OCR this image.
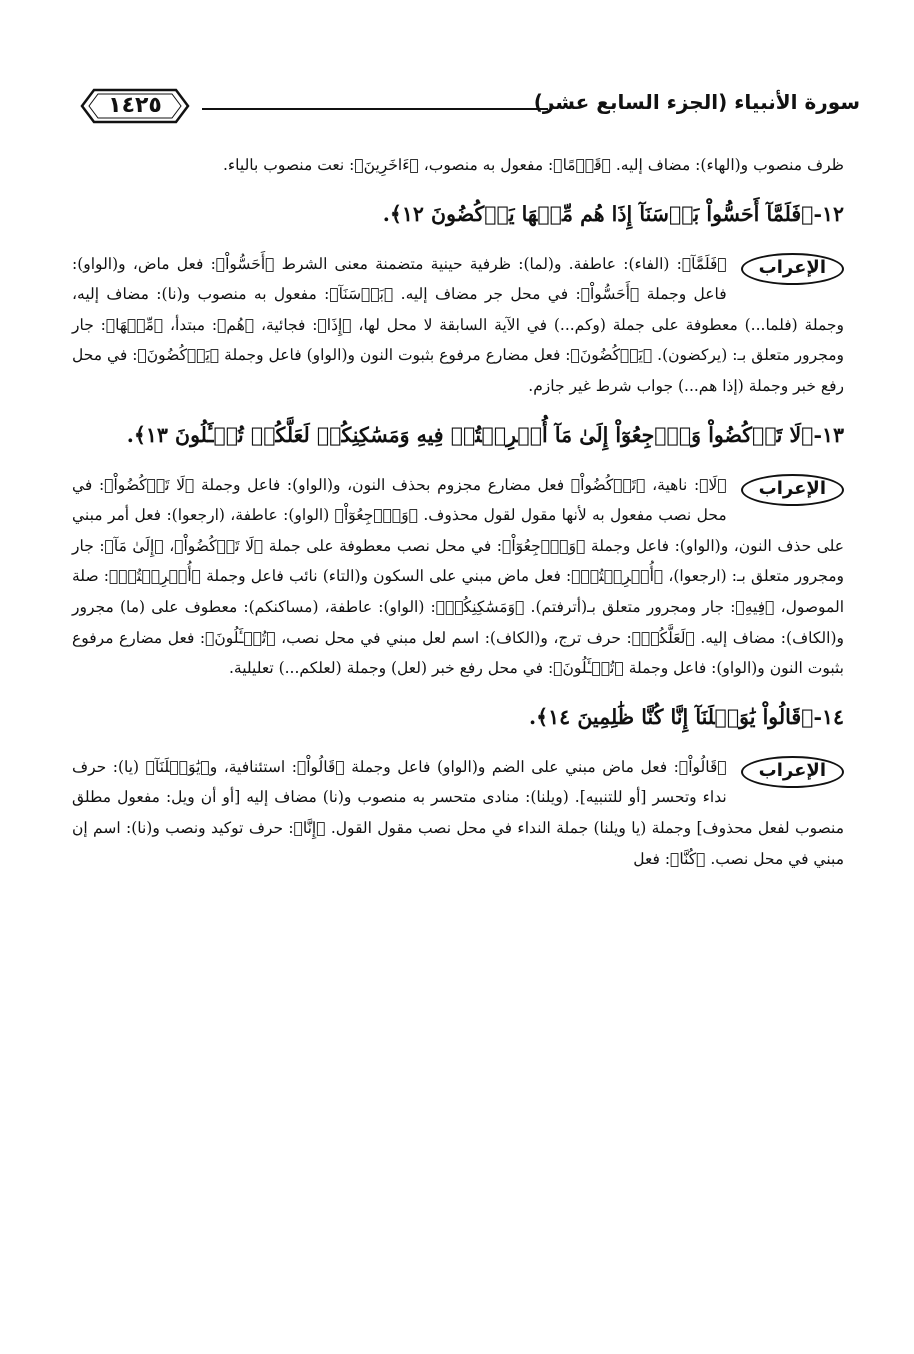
١٤٢٥	سورة الأنبياء (الجزء السابع عشر)

ظرف منصوب و(الهاء): مضاف إليه. ﴿قَوۡمًا﴾: مفعول به منصوب، ﴿ءَاخَرِينَ﴾: نعت منصوب بالياء.

١٢-﴿فَلَمَّآ أَحَسُّواْ بَأۡسَنَآ إِذَا هُم مِّنۡهَا يَرۡكُضُونَ ١٢﴾.
الإعراب
﴿فَلَمَّآ﴾: (الفاء): عاطفة. و(لما): ظرفية حينية متضمنة معنى الشرط ﴿أَحَسُّواْ﴾: فعل ماض، و(الواو): فاعل وجملة ﴿أَحَسُّواْ﴾: في محل جر مضاف إليه. ﴿بَأۡسَنَآ﴾: مفعول به منصوب و(نا): مضاف إليه، وجملة (فلما...) معطوفة على جملة (وكم...) في الآية السابقة لا محل لها، ﴿إِذَا﴾: فجائية، ﴿هُم﴾: مبتدأ، ﴿مِّنۡهَا﴾: جار ومجرور متعلق بـ: (يركضون). ﴿يَرۡكُضُونَ﴾: فعل مضارع مرفوع بثبوت النون و(الواو) فاعل وجملة ﴿يَرۡكُضُونَ﴾: في محل رفع خبر وجملة (إذا هم...) جواب شرط غير جازم.
١٣-﴿لَا تَرۡكُضُواْ وَٱرۡجِعُوٓاْ إِلَىٰ مَآ أُتۡرِفۡتُمۡ فِيهِ وَمَسَٰكِنِكُمۡ لَعَلَّكُمۡ تُسۡـَٔلُونَ ١٣﴾.
الإعراب
﴿لَا﴾: ناهية، ﴿تَرۡكُضُواْ﴾ فعل مضارع مجزوم بحذف النون، و(الواو): فاعل وجملة ﴿لَا تَرۡكُضُواْ﴾: في محل نصب مفعول به لأنها مقول لقول محذوف. ﴿وَٱرۡجِعُوٓاْ﴾ (الواو): عاطفة، (ارجعوا): فعل أمر مبني على حذف النون، و(الواو): فاعل وجملة ﴿وَٱرۡجِعُوٓاْ﴾: في محل نصب معطوفة على جملة ﴿لَا تَرۡكُضُواْ﴾، ﴿إِلَىٰ مَآ﴾: جار ومجرور متعلق بـ: (ارجعوا)، ﴿أُتۡرِفۡتُمۡ﴾: فعل ماض مبني على السكون و(التاء) نائب فاعل وجملة ﴿أُتۡرِفۡتُمۡ﴾: صلة الموصول، ﴿فِيهِ﴾: جار ومجرور متعلق بـ(أترفتم). ﴿وَمَسَٰكِنِكُمۡ﴾: (الواو): عاطفة، (مساكنكم): معطوف على (ما) مجرور و(الكاف): مضاف إليه. ﴿لَعَلَّكُمۡ﴾: حرف ترج، و(الكاف): اسم لعل مبني في محل نصب، ﴿تُسۡـَٔلُونَ﴾: فعل مضارع مرفوع بثبوت النون و(الواو): فاعل وجملة ﴿تُسۡـَٔلُونَ﴾: في محل رفع خبر (لعل) وجملة (لعلكم...) تعليلية.
١٤-﴿قَالُواْ يَٰوَيۡلَنَآ إِنَّا كُنَّا ظَٰلِمِينَ ١٤﴾.
الإعراب
﴿قَالُواْ﴾: فعل ماض مبني على الضم و(الواو) فاعل وجملة ﴿قَالُواْ﴾: استئنافية، و﴿يَٰوَيۡلَنَآ﴾ (يا): حرف نداء وتحسر [أو للتنبيه]. (ويلنا): منادى متحسر به منصوب و(نا) مضاف إليه [أو أن ويل: مفعول مطلق منصوب لفعل محذوف] وجملة (يا ويلنا) جملة النداء في محل نصب مقول القول. ﴿إِنَّا﴾: حرف توكيد ونصب و(نا): اسم إن مبني في محل نصب. ﴿كُنَّا﴾: فعل
